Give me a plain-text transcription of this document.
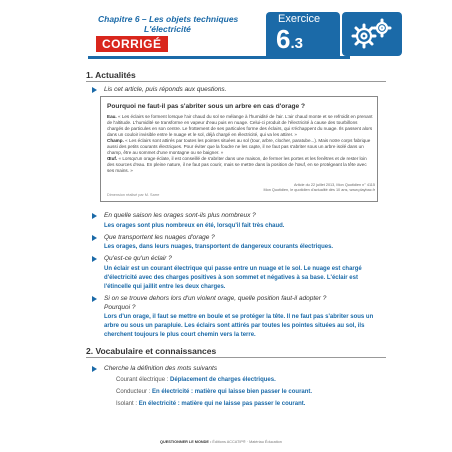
Chapitre 6 – Les objets techniques
L'électricité
CORRIGÉ
Exercice
6.3
1. Actualités
Lis cet article, puis réponds aux questions.
Pourquoi ne faut-il pas s'abriter sous un arbre en cas d'orage ?

Eau. « Les éclairs se forment lorsque l'air chaud du sol se mélange à l'humidité de l'air. L'air chaud monte et se refroidit en prenant de l'altitude. L'humidité se transforme en vapeur d'eau puis en nuage. Celui-ci produit de l'électricité à cause des tourbillons chargés de particules en son centre. Le frottement de ses particules forme des éclairs, qui s'échappent du nuage. Ils passent alors dans un couloir invisible entre le nuage et le sol, déjà chargé en électricité, qui va les attirer. »

Champ. « Les éclairs sont attirés par toutes les pointes situées au sol (tour, arbre, clocher, paratube...). Mais notre corps fabrique aussi des petits courants électriques. Pour éviter que la foudre ne les capte, il ne faut pas s'abriter sous un arbre isolé dans un champ, être au sommet d'une montagne ou se baigner. »

Œuf. « Lorsqu'un orage éclate, il est conseillé de s'abriter dans une maison, de fermer les portes et les fenêtres et de rester loin des sources d'eau. En pleine nature, il ne faut pas courir, mais se mettre dans la position de l'œuf, en se protégeant la tête avec ses mains. »

Article du 22 juillet 2013, Mon Quotidien n° 4115
Mon Quotidien, le quotidien d'actualité dès 10 ans, www.playbac.fr
Dimension réalisé par M. Sarre
En quelle saison les orages sont-ils plus nombreux ?
Les orages sont plus nombreux en été, lorsqu'il fait très chaud.
Que transportent les nuages d'orage ?
Les orages, dans leurs nuages, transportent de dangereux courants électriques.
Qu'est-ce qu'un éclair ?
Un éclair est un courant électrique qui passe entre un nuage et le sol. Le nuage est chargé d'électricité avec des charges positives à son sommet et négatives à sa base. L'éclair est l'étincelle qui jaillit entre les deux charges.
Si on se trouve dehors lors d'un violent orage, quelle position faut-il adopter ?
Pourquoi ?
Lors d'un orage, il faut se mettre en boule et se protéger la tête. Il ne faut pas s'abriter sous un arbre ou sous un parapluie. Les éclairs sont attirés par toutes les pointes situées au sol, ils cherchent toujours le plus court chemin vers la terre.
2. Vocabulaire et connaissances
Cherche la définition des mots suivants
Courant électrique : Déplacement de charges électriques.
Conducteur : En électricité : matière qui laisse bien passer le courant.
Isolant : En électricité : matière qui ne laisse pas passer le courant.
QUESTIONNER LE MONDE • Éditions ACCATIP® · Matériau Éducation
